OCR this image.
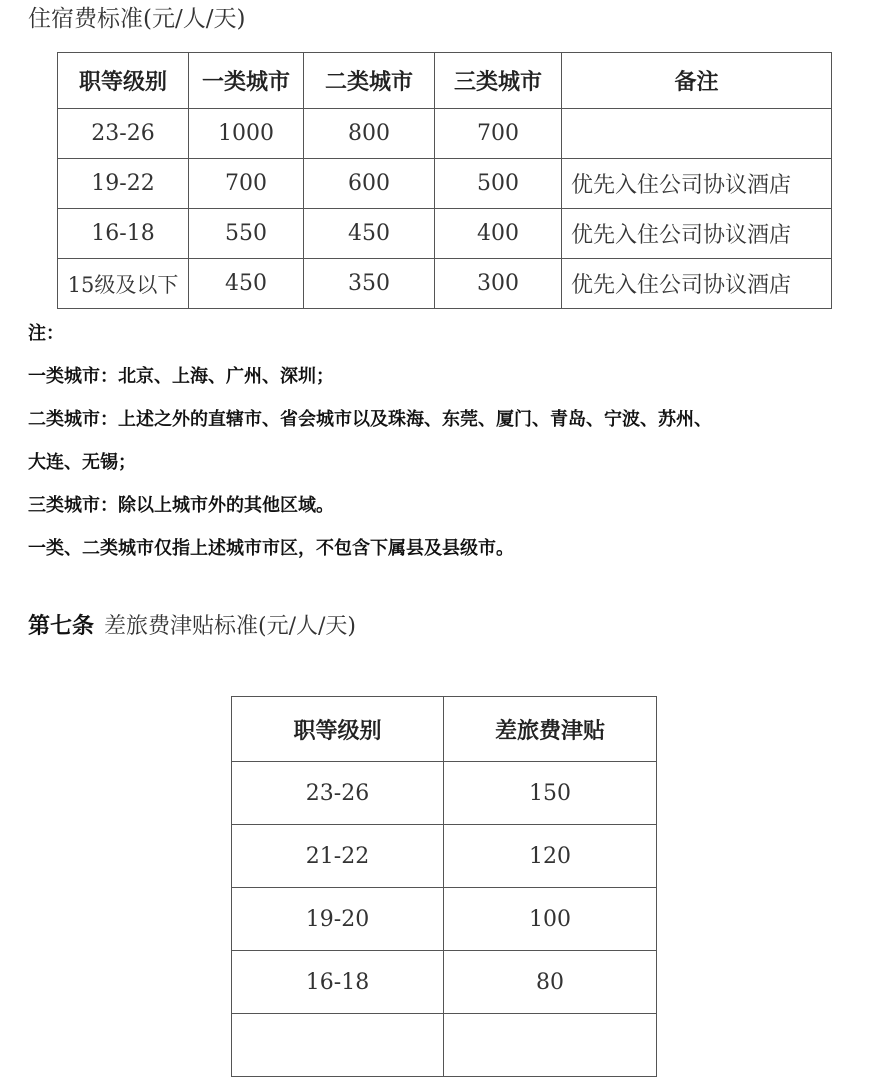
住宿费标准(元/人/天)
职等级别	一类城市	二类城市	三类城市	备注
23-26	1000	800	700	
19-22	700	600	500	优先入住公司协议酒店
16-18	550	450	400	优先入住公司协议酒店
15级及以下	450	350	300	优先入住公司协议酒店

注：

一类城市：北京、上海、广州、深圳；

二类城市：上述之外的直辖市、省会城市以及珠海、东莞、厦门、青岛、宁波、苏州、

大连、无锡；

三类城市：除以上城市外的其他区域。

一类、二类城市仅指上述城市市区，不包含下属县及县级市。

第七条 差旅费津贴标准(元/人/天)
职等级别	差旅费津贴
23-26	150
21-22	120
19-20	100
16-18	80
